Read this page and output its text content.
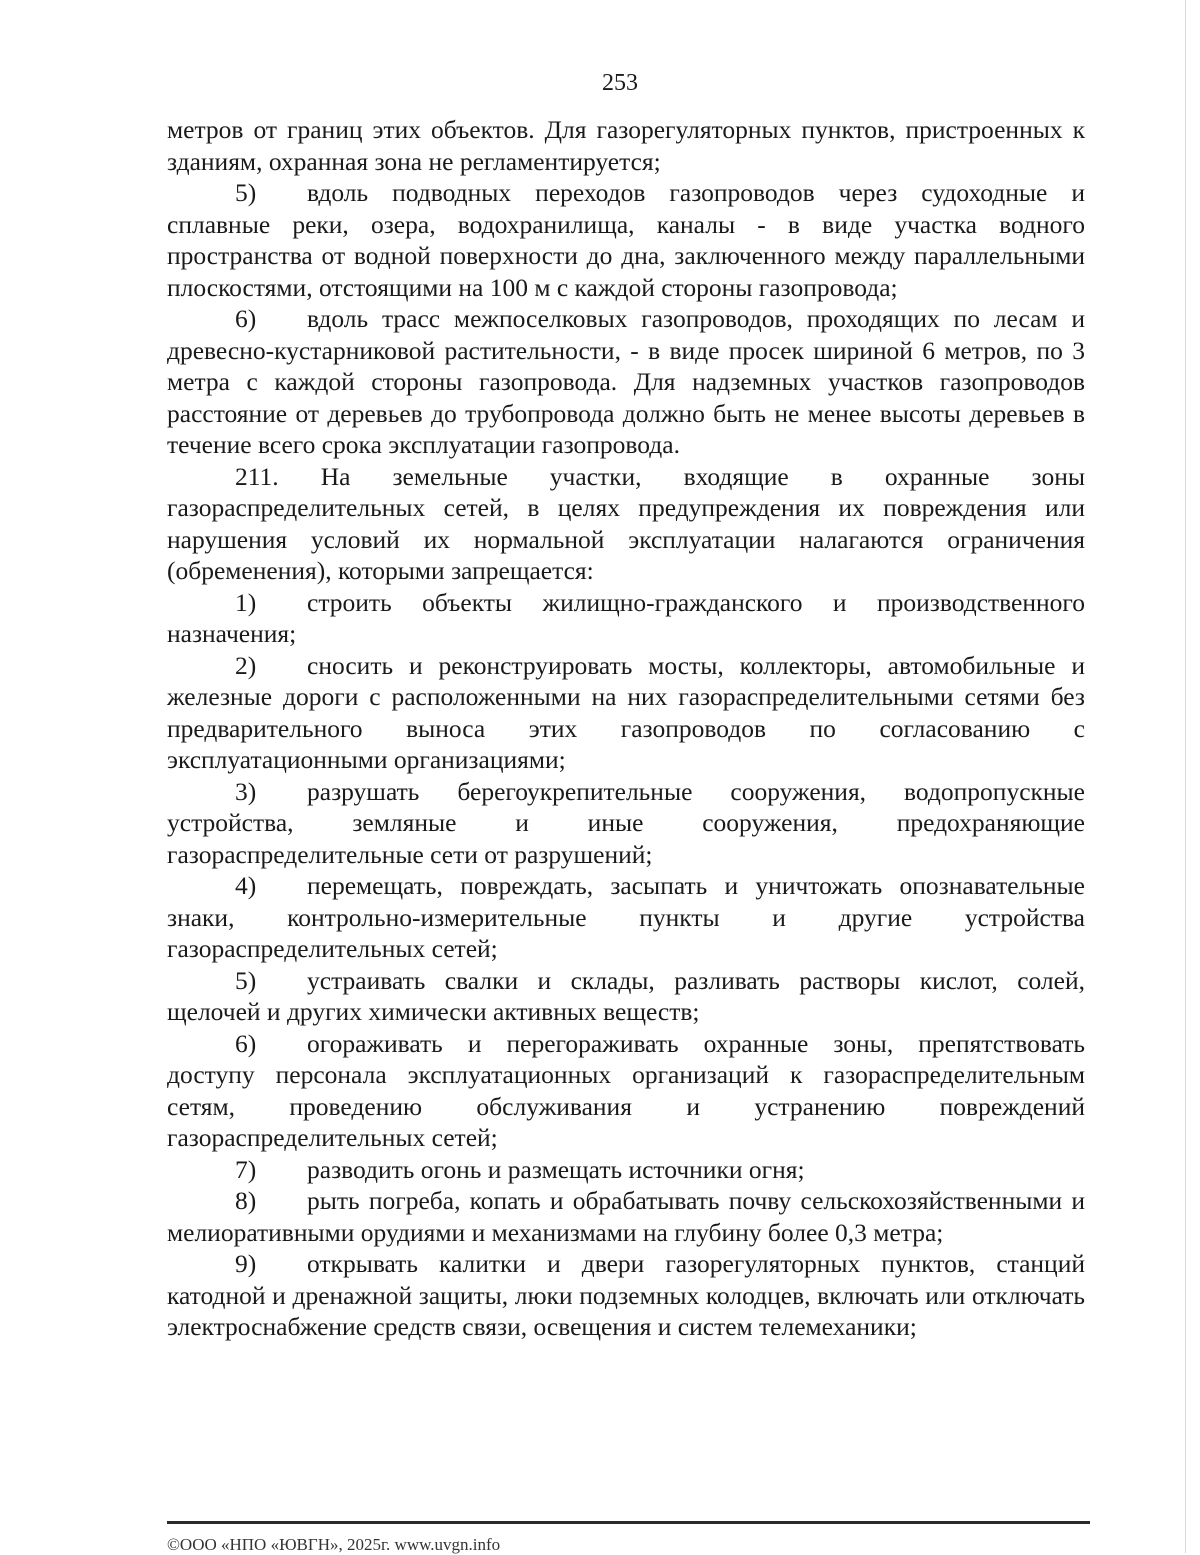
253

метров от границ этих объектов. Для газорегуляторных пунктов, пристроенных к зданиям, охранная зона не регламентируется;

5) вдоль подводных переходов газопроводов через судоходные и сплавные реки, озера, водохранилища, каналы - в виде участка водного пространства от водной поверхности до дна, заключенного между параллельными плоскостями, отстоящими на 100 м с каждой стороны газопровода;

6) вдоль трасс межпоселковых газопроводов, проходящих по лесам и древесно-кустарниковой растительности, - в виде просек шириной 6 метров, по 3 метра с каждой стороны газопровода. Для надземных участков газопроводов расстояние от деревьев до трубопровода должно быть не менее высоты деревьев в течение всего срока эксплуатации газопровода.

211. На земельные участки, входящие в охранные зоны газораспределительных сетей, в целях предупреждения их повреждения или нарушения условий их нормальной эксплуатации налагаются ограничения (обременения), которыми запрещается:

1) строить объекты жилищно-гражданского и производственного назначения;

2) сносить и реконструировать мосты, коллекторы, автомобильные и железные дороги с расположенными на них газораспределительными сетями без предварительного выноса этих газопроводов по согласованию с эксплуатационными организациями;

3) разрушать берегоукрепительные сооружения, водопропускные устройства, земляные и иные сооружения, предохраняющие газораспределительные сети от разрушений;

4) перемещать, повреждать, засыпать и уничтожать опознавательные знаки, контрольно-измерительные пункты и другие устройства газораспределительных сетей;

5) устраивать свалки и склады, разливать растворы кислот, солей, щелочей и других химически активных веществ;

6) огораживать и перегораживать охранные зоны, препятствовать доступу персонала эксплуатационных организаций к газораспределительным сетям, проведению обслуживания и устранению повреждений газораспределительных сетей;

7) разводить огонь и размещать источники огня;

8) рыть погреба, копать и обрабатывать почву сельскохозяйственными и мелиоративными орудиями и механизмами на глубину более 0,3 метра;

9) открывать калитки и двери газорегуляторных пунктов, станций катодной и дренажной защиты, люки подземных колодцев, включать или отключать электроснабжение средств связи, освещения и систем телемеханики;

©ООО «НПО «ЮВГН», 2025г. www.uvgn.info
